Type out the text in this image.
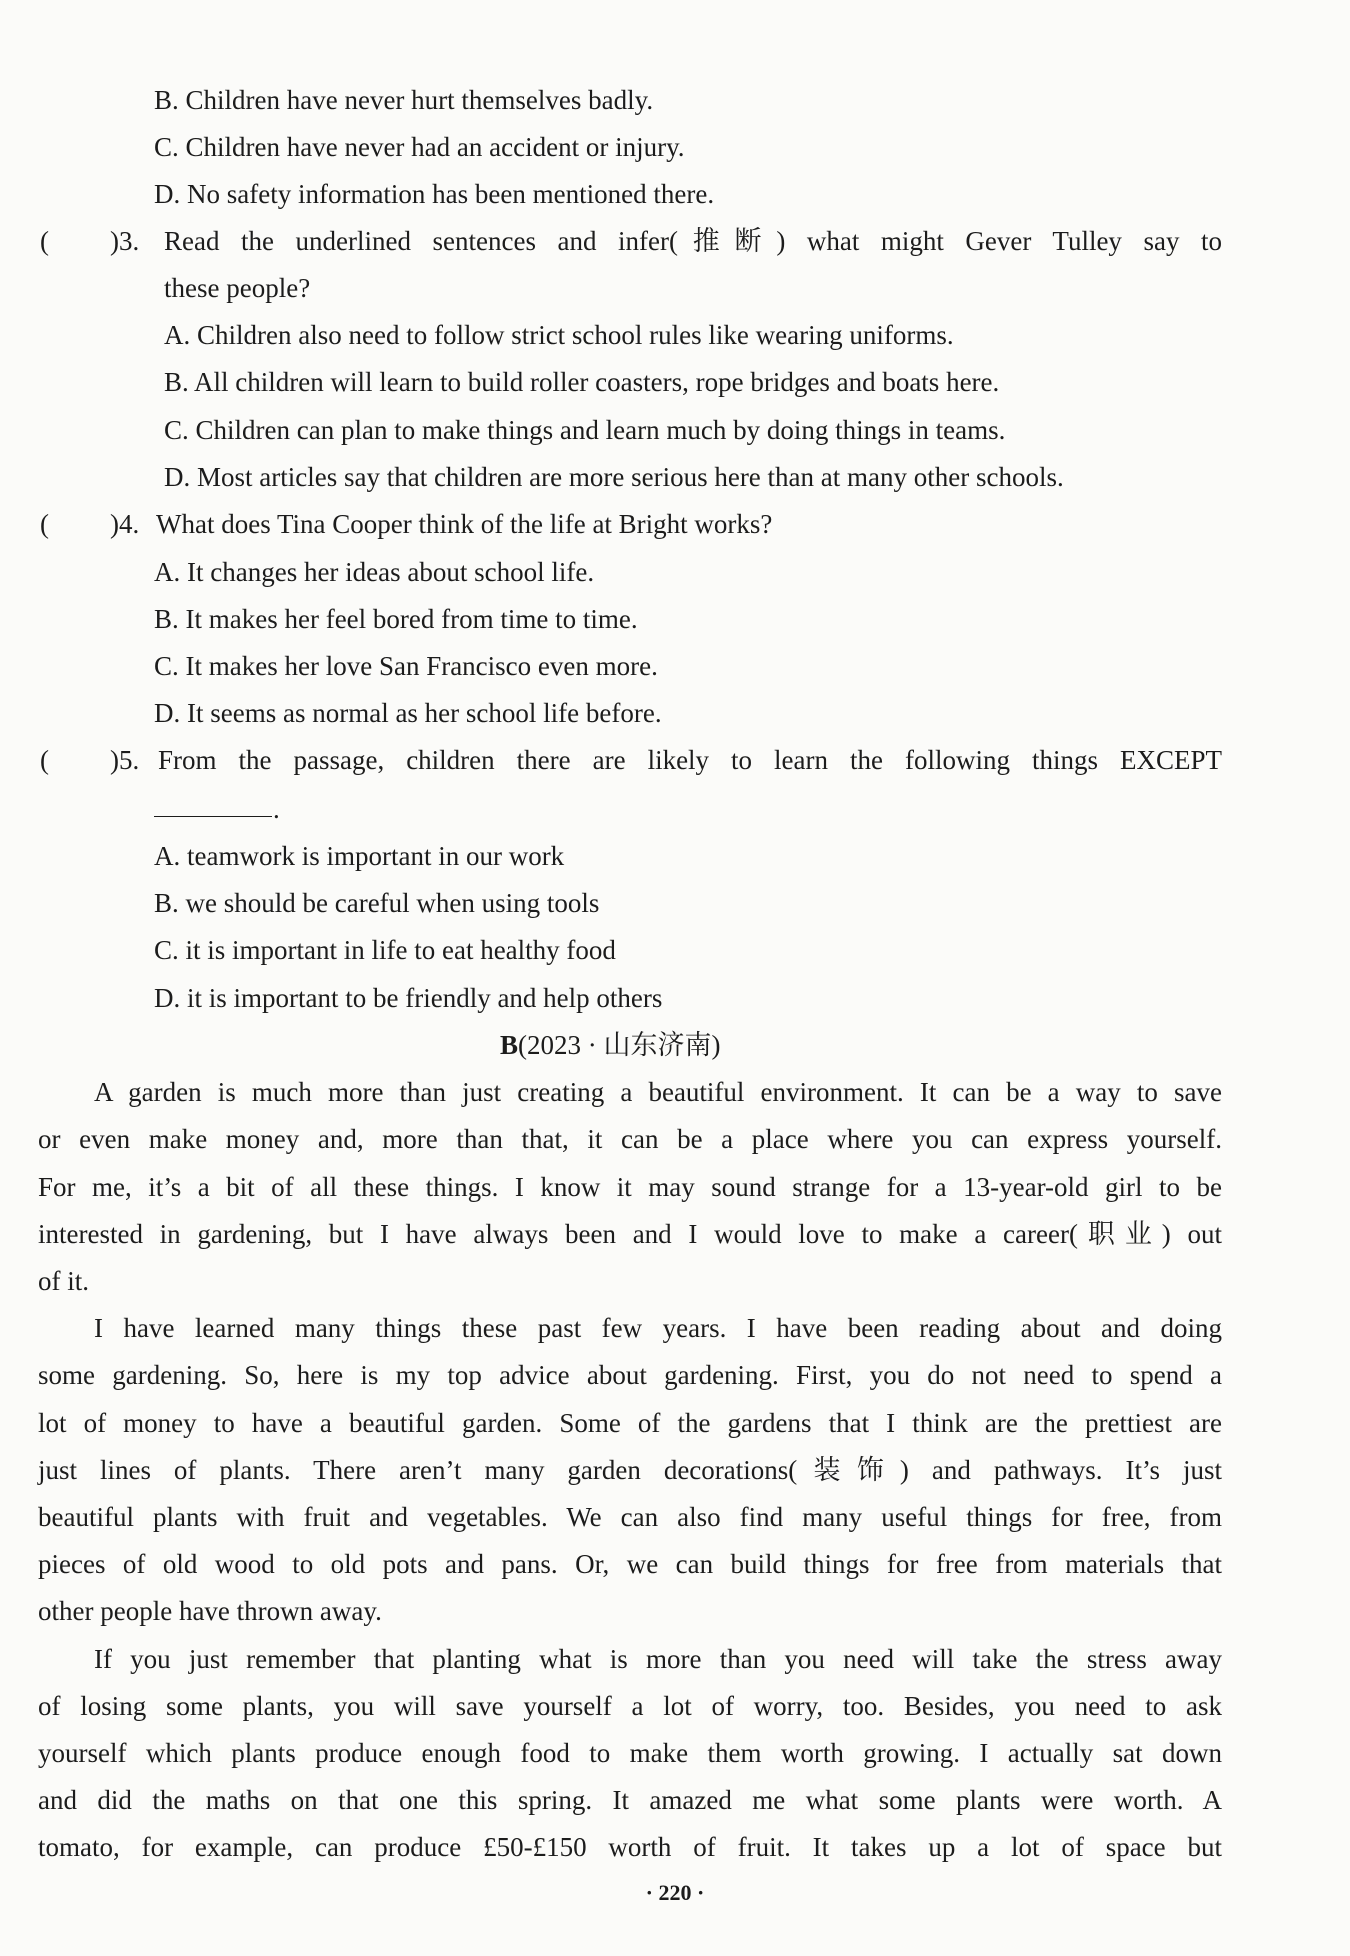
B. Children have never hurt themselves badly.
C. Children have never had an accident or injury.
D. No safety information has been mentioned there.
( )3. Read the underlined sentences and infer(推断) what might Gever Tulley say to
these people?
A. Children also need to follow strict school rules like wearing uniforms.
B. All children will learn to build roller coasters, rope bridges and boats here.
C. Children can plan to make things and learn much by doing things in teams.
D. Most articles say that children are more serious here than at many other schools.
( )4. What does Tina Cooper think of the life at Bright works?
A. It changes her ideas about school life.
B. It makes her feel bored from time to time.
C. It makes her love San Francisco even more.
D. It seems as normal as her school life before.
( )5. From the passage, children there are likely to learn the following things EXCEPT
.
A. teamwork is important in our work
B. we should be careful when using tools
C. it is important in life to eat healthy food
D. it is important to be friendly and help others
B(2023 · 山东济南)
A garden is much more than just creating a beautiful environment. It can be a way to save
or even make money and, more than that, it can be a place where you can express yourself.
For me, it’s a bit of all these things. I know it may sound strange for a 13-year-old girl to be
interested in gardening, but I have always been and I would love to make a career(职业) out
of it.
I have learned many things these past few years. I have been reading about and doing
some gardening. So, here is my top advice about gardening. First, you do not need to spend a
lot of money to have a beautiful garden. Some of the gardens that I think are the prettiest are
just lines of plants. There aren’t many garden decorations(装饰) and pathways. It’s just
beautiful plants with fruit and vegetables. We can also find many useful things for free, from
pieces of old wood to old pots and pans. Or, we can build things for free from materials that
other people have thrown away.
If you just remember that planting what is more than you need will take the stress away
of losing some plants, you will save yourself a lot of worry, too. Besides, you need to ask
yourself which plants produce enough food to make them worth growing. I actually sat down
and did the maths on that one this spring. It amazed me what some plants were worth. A
tomato, for example, can produce £50-£150 worth of fruit. It takes up a lot of space but
· 220 ·
